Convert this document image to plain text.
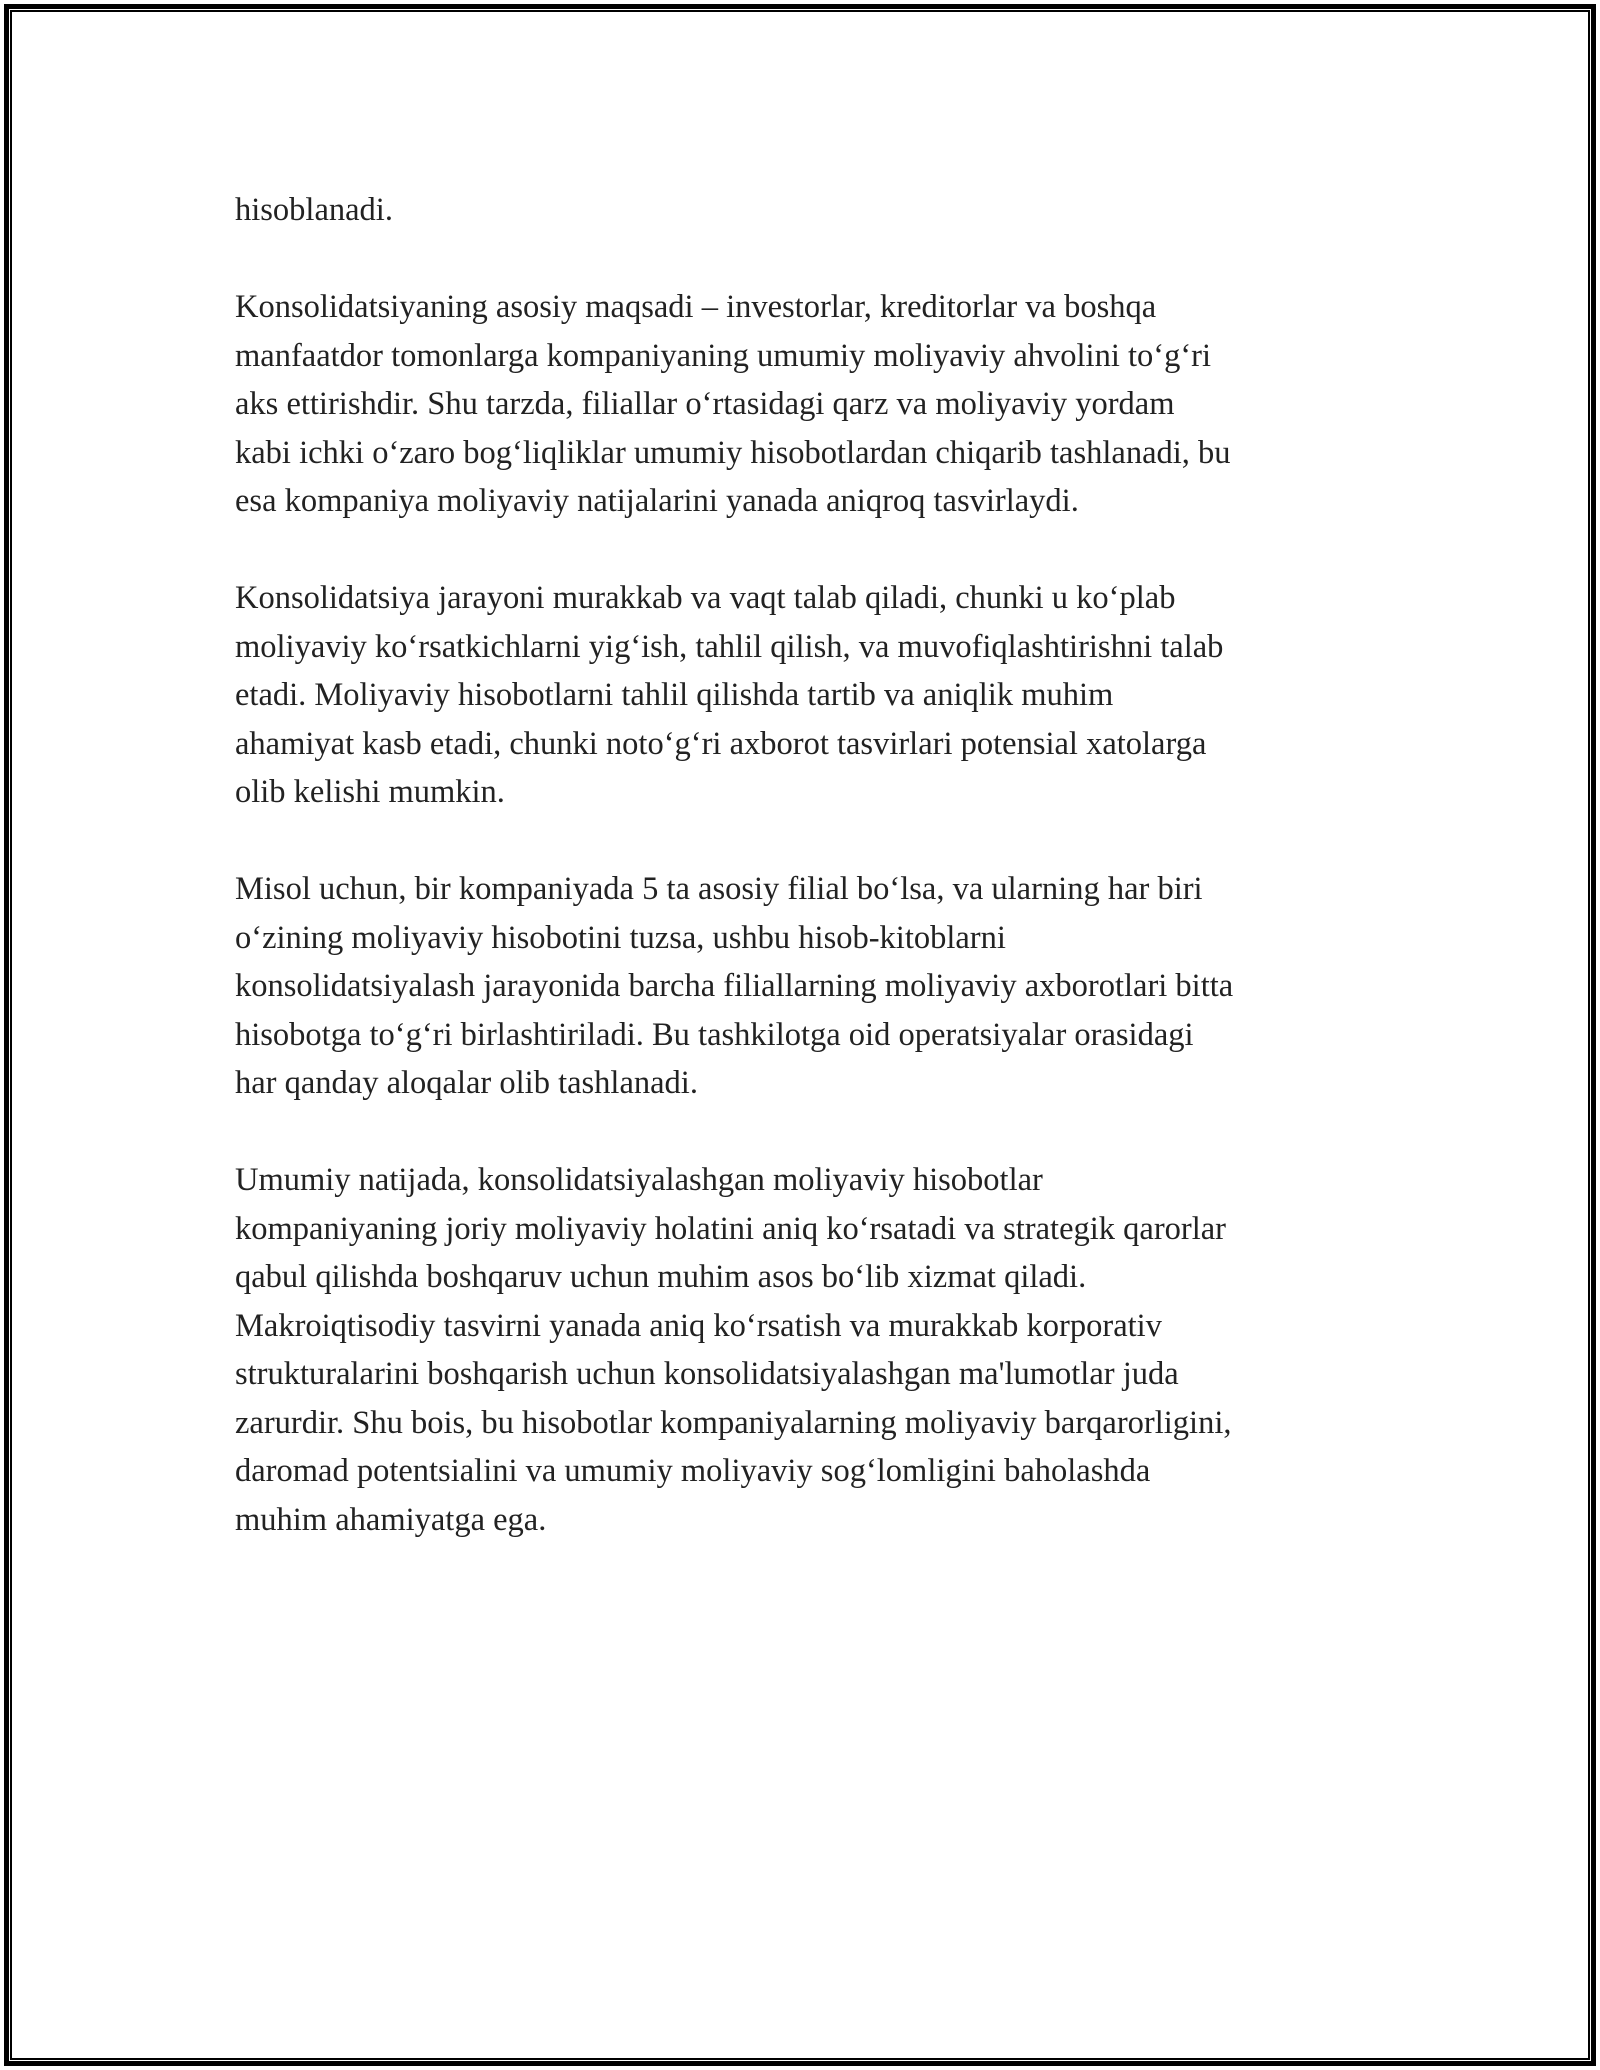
hisoblanadi.
Konsolidatsiyaning asosiy maqsadi – investorlar, kreditorlar va boshqa
manfaatdor tomonlarga kompaniyaning umumiy moliyaviy ahvolini to‘g‘ri
aks ettirishdir. Shu tarzda, filiallar o‘rtasidagi qarz va moliyaviy yordam
kabi ichki o‘zaro bog‘liqliklar umumiy hisobotlardan chiqarib tashlanadi, bu
esa kompaniya moliyaviy natijalarini yanada aniqroq tasvirlaydi.
Konsolidatsiya jarayoni murakkab va vaqt talab qiladi, chunki u ko‘plab
moliyaviy ko‘rsatkichlarni yig‘ish, tahlil qilish, va muvofiqlashtirishni talab
etadi. Moliyaviy hisobotlarni tahlil qilishda tartib va aniqlik muhim
ahamiyat kasb etadi, chunki noto‘g‘ri axborot tasvirlari potensial xatolarga
olib kelishi mumkin.
Misol uchun, bir kompaniyada 5 ta asosiy filial bo‘lsa, va ularning har biri
o‘zining moliyaviy hisobotini tuzsa, ushbu hisob-kitoblarni
konsolidatsiyalash jarayonida barcha filiallarning moliyaviy axborotlari bitta
hisobotga to‘g‘ri birlashtiriladi. Bu tashkilotga oid operatsiyalar orasidagi
har qanday aloqalar olib tashlanadi.
Umumiy natijada, konsolidatsiyalashgan moliyaviy hisobotlar
kompaniyaning joriy moliyaviy holatini aniq ko‘rsatadi va strategik qarorlar
qabul qilishda boshqaruv uchun muhim asos bo‘lib xizmat qiladi.
Makroiqtisodiy tasvirni yanada aniq ko‘rsatish va murakkab korporativ
strukturalarini boshqarish uchun konsolidatsiyalashgan ma'lumotlar juda
zarurdir. Shu bois, bu hisobotlar kompaniyalarning moliyaviy barqarorligini,
daromad potentsialini va umumiy moliyaviy sog‘lomligini baholashda
muhim ahamiyatga ega.
